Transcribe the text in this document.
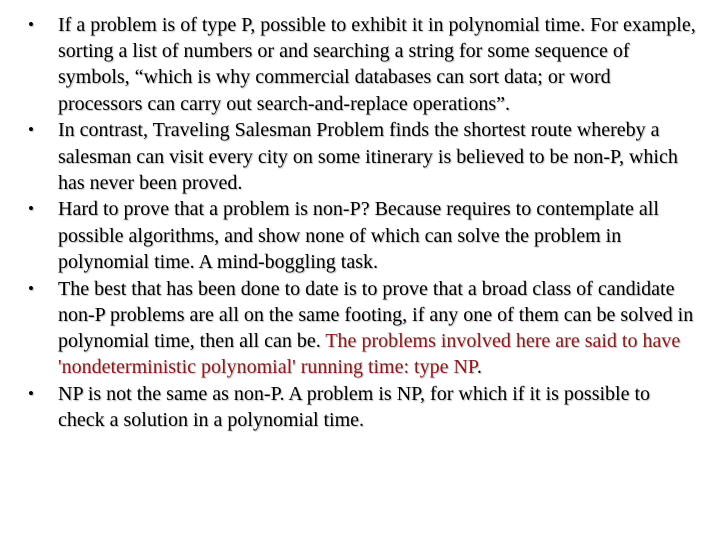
•	If a problem is of type P, possible to exhibit it in polynomial time. For example, sorting a list of numbers or and searching a string for some sequence of symbols, “which is why commercial databases can sort data; or word processors can carry out search-and-replace operations”.
•	In contrast, Traveling Salesman Problem finds the shortest route whereby a salesman can visit every city on some itinerary is believed to be non-P, which has never been proved.
•	Hard to prove that a problem is non-P? Because requires to contemplate all possible algorithms, and show none of which can solve the problem in polynomial time. A mind-boggling task.
•	The best that has been done to date is to prove that a broad class of candidate non-P problems are all on the same footing, if any one of them can be solved in polynomial time, then all can be. The problems involved here are said to have 'nondeterministic polynomial' running time: type NP.
•	NP is not the same as non-P. A problem is NP, for which if it is possible to check a solution in a polynomial time.
